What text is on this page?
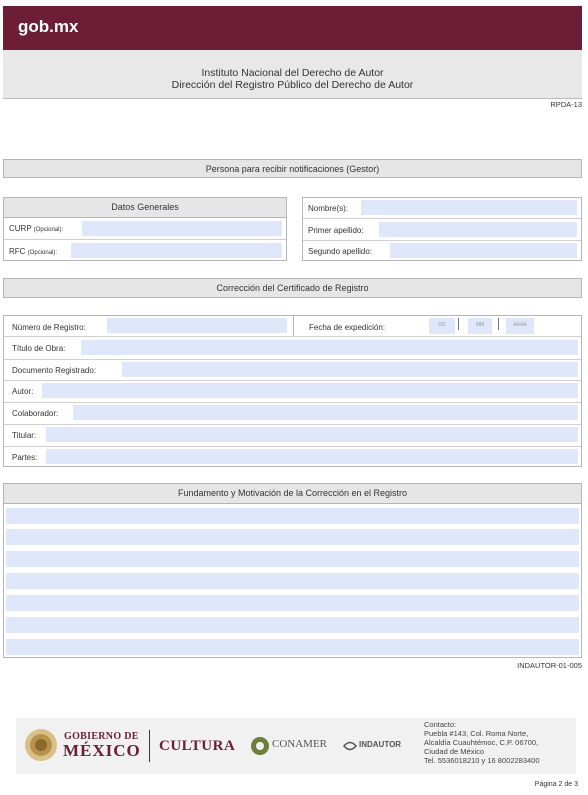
gob.mx
Instituto Nacional del Derecho de Autor
Dirección del Registro Público del Derecho de Autor
RPDA-13
Persona para recibir notificaciones (Gestor)
Datos Generales
CURP (Opcional):
RFC (Opcional):
Nombre(s):
Primer apellido:
Segundo apellido:
Corrección del Certificado de Registro
Número de Registro:	Fecha de expedición:	DD	MM	AAAA
Título de Obra:
Documento Registrado:
Autor:
Colaborador:
Titular:
Partes:
Fundamento y Motivación de la Corrección en el Registro
INDAUTOR-01-005
GOBIERNO DE
MÉXICO CULTURA	CONAMER	INDAUTOR
Contacto:
Puebla #143, Col. Roma Norte,
Alcaldía Cuauhtémoc, C.P. 06700,
Ciudad de México
Tel. 5536018210 y 16 8002283400
Página 2 de 3
